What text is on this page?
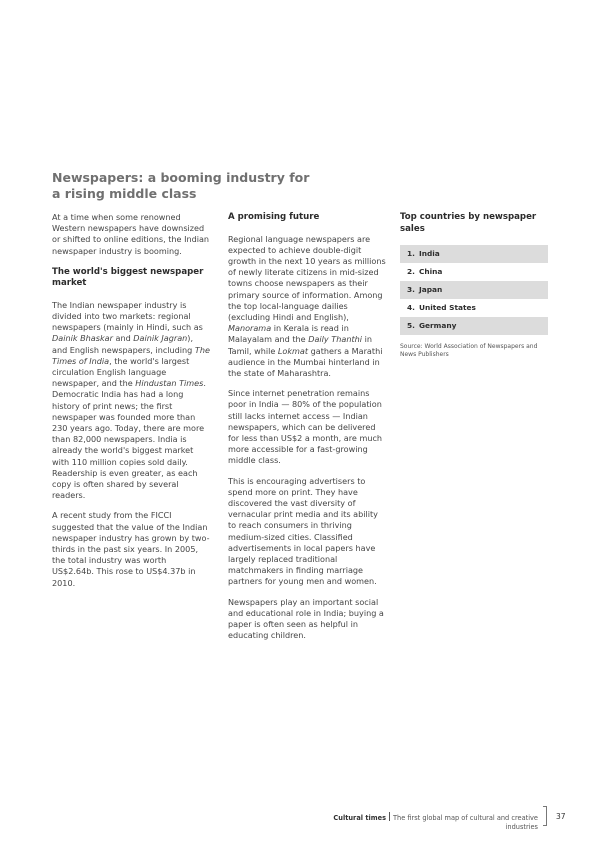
Newspapers: a booming industry for a rising middle class

At a time when some renowned Western newspapers have downsized or shifted to online editions, the Indian newspaper industry is booming.

The world's biggest newspaper market

The Indian newspaper industry is divided into two markets: regional newspapers (mainly in Hindi, such as Dainik Bhaskar and Dainik Jagran), and English newspapers, including The Times of India, the world's largest circulation English language newspaper, and the Hindustan Times. Democratic India has had a long history of print news; the first newspaper was founded more than 230 years ago. Today, there are more than 82,000 newspapers. India is already the world's biggest market with 110 million copies sold daily. Readership is even greater, as each copy is often shared by several readers.

A recent study from the FICCI suggested that the value of the Indian newspaper industry has grown by two-thirds in the past six years. In 2005, the total industry was worth US$2.64b. This rose to US$4.37b in 2010.

A promising future

Regional language newspapers are expected to achieve double-digit growth in the next 10 years as millions of newly literate citizens in mid-sized towns choose newspapers as their primary source of information. Among the top local-language dailies (excluding Hindi and English), Manorama in Kerala is read in Malayalam and the Daily Thanthi in Tamil, while Lokmat gathers a Marathi audience in the Mumbai hinterland in the state of Maharashtra.

Since internet penetration remains poor in India — 80% of the population still lacks internet access — Indian newspapers, which can be delivered for less than US$2 a month, are much more accessible for a fast-growing middle class.

This is encouraging advertisers to spend more on print. They have discovered the vast diversity of vernacular print media and its ability to reach consumers in thriving medium-sized cities. Classified advertisements in local papers have largely replaced traditional matchmakers in finding marriage partners for young men and women.

Newspapers play an important social and educational role in India; buying a paper is often seen as helpful in educating children.

Top countries by newspaper sales
1. India
2. China
3. Japan
4. United States
5. Germany
Source: World Association of Newspapers and News Publishers
Cultural times The first global map of cultural and creative industries
37
